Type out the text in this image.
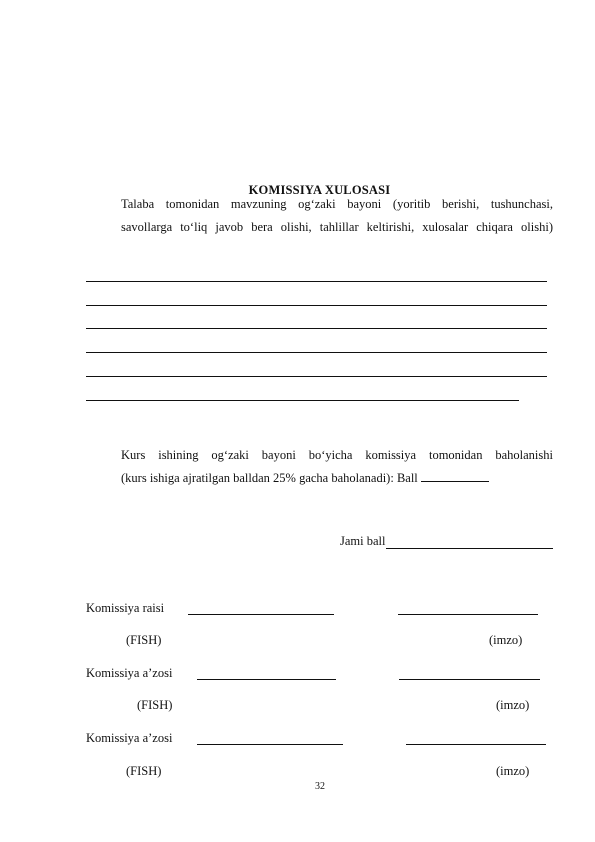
KOMISSIYA XULOSASI
Talaba tomonidan mavzuning og‘zaki bayoni (yoritib berishi, tushunchasi,
savollarga to‘liq javob bera olishi, tahlillar keltirishi, xulosalar chiqara olishi)
Kurs ishining og‘zaki bayoni bo‘yicha komissiya tomonidan baholanishi
(kurs ishiga ajratilgan balldan 25% gacha baholanadi): Ball
Jami ball
Komissiya raisi
(FISH)	(imzo)
Komissiya a’zosi
(FISH)	(imzo)
Komissiya a’zosi
(FISH)	(imzo)
32
